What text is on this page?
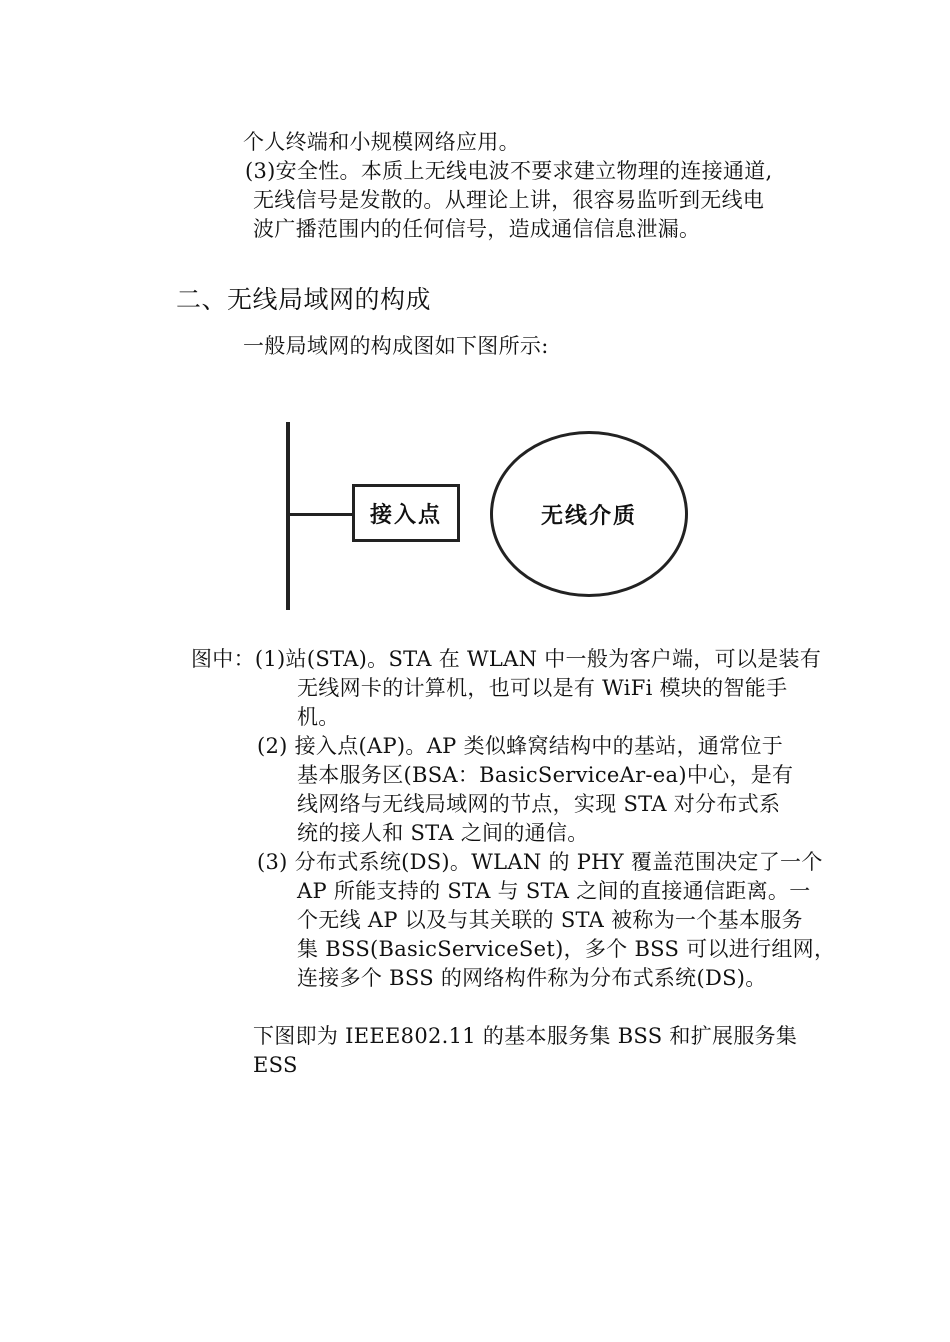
个人终端和小规模网络应用。
(3)安全性。本质上无线电波不要求建立物理的连接通道,
无线信号是发散的。从理论上讲，很容易监听到无线电
波广播范围内的任何信号，造成通信信息泄漏。
二、无线局域网的构成
一般局域网的构成图如下图所示:
接入点	无线介质
图中：(1)站(STA)。STA 在 WLAN 中一般为客户端，可以是装有
无线网卡的计算机，也可以是有 WiFi 模块的智能手
机。
(2) 接入点(AP)。AP 类似蜂窝结构中的基站，通常位于
基本服务区(BSA：BasicServiceAr-ea)中心，是有
线网络与无线局域网的节点，实现 STA 对分布式系
统的接人和 STA 之间的通信。
(3) 分布式系统(DS)。WLAN 的 PHY 覆盖范围决定了一个
AP 所能支持的 STA 与 STA 之间的直接通信距离。一
个无线 AP 以及与其关联的 STA 被称为一个基本服务
集 BSS(BasicServiceSet)，多个 BSS 可以进行组网，
连接多个 BSS 的网络构件称为分布式系统(DS)。
下图即为 IEEE802.11 的基本服务集 BSS 和扩展服务集
ESS
